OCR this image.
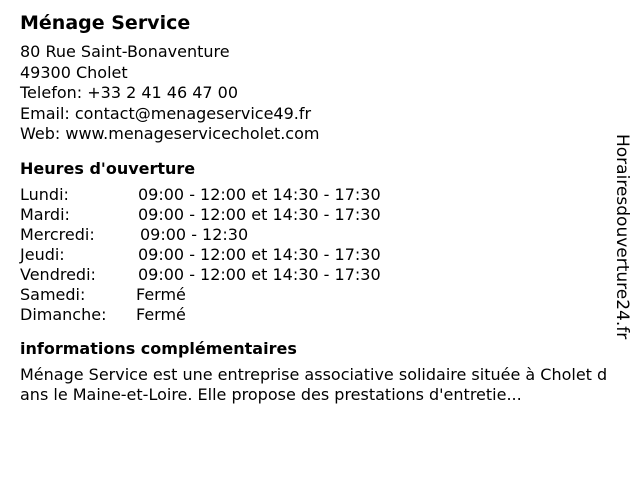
Ménage Service
80 Rue Saint-Bonaventure
49300 Cholet
Telefon: +33 2 41 46 47 00
Email: contact@menageservice49.fr
Web: www.menageservicecholet.com
Heures d'ouverture
Lundi:	09:00 - 12:00 et 14:30 - 17:30
Mardi:	09:00 - 12:00 et 14:30 - 17:30
Mercredi:	09:00 - 12:30
Jeudi:	09:00 - 12:00 et 14:30 - 17:30
Vendredi:	09:00 - 12:00 et 14:30 - 17:30
Samedi:	Fermé
Dimanche:	Fermé
informations complémentaires
Ménage Service est une entreprise associative solidaire située à Cholet dans le Maine-et-Loire. Elle propose des prestations d'entretie...
Horairesdouverture24.fr
